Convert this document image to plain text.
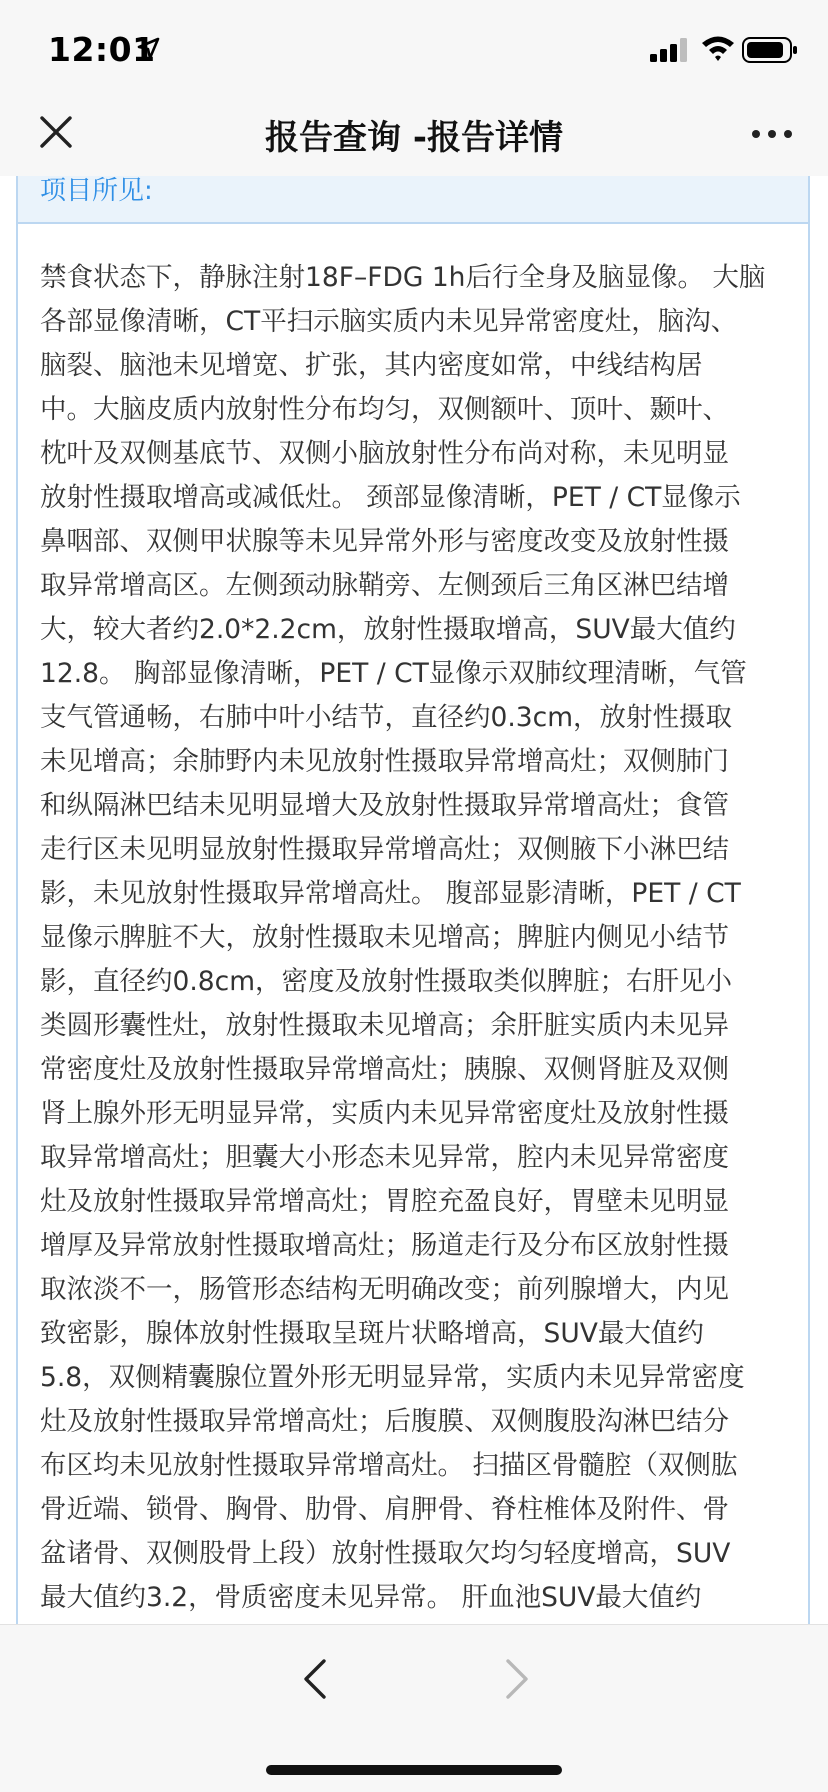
12:01
报告查询 -报告详情
项目所见:
禁食状态下，静脉注射18F–FDG 1h后行全身及脑显像。 大脑
各部显像清晰，CT平扫示脑实质内未见异常密度灶，脑沟、
脑裂、脑池未见增宽、扩张，其内密度如常，中线结构居
中。大脑皮质内放射性分布均匀，双侧额叶、顶叶、颞叶、
枕叶及双侧基底节、双侧小脑放射性分布尚对称，未见明显
放射性摄取增高或减低灶。 颈部显像清晰，PET / CT显像示
鼻咽部、双侧甲状腺等未见异常外形与密度改变及放射性摄
取异常增高区。左侧颈动脉鞘旁、左侧颈后三角区淋巴结增
大，较大者约2.0*2.2cm，放射性摄取增高，SUV最大值约
12.8。 胸部显像清晰，PET / CT显像示双肺纹理清晰，气管
支气管通畅，右肺中叶小结节，直径约0.3cm，放射性摄取
未见增高；余肺野内未见放射性摄取异常增高灶；双侧肺门
和纵隔淋巴结未见明显增大及放射性摄取异常增高灶；食管
走行区未见明显放射性摄取异常增高灶；双侧腋下小淋巴结
影，未见放射性摄取异常增高灶。 腹部显影清晰，PET / CT
显像示脾脏不大，放射性摄取未见增高；脾脏内侧见小结节
影，直径约0.8cm，密度及放射性摄取类似脾脏；右肝见小
类圆形囊性灶，放射性摄取未见增高；余肝脏实质内未见异
常密度灶及放射性摄取异常增高灶；胰腺、双侧肾脏及双侧
肾上腺外形无明显异常，实质内未见异常密度灶及放射性摄
取异常增高灶；胆囊大小形态未见异常，腔内未见异常密度
灶及放射性摄取异常增高灶；胃腔充盈良好，胃壁未见明显
增厚及异常放射性摄取增高灶；肠道走行及分布区放射性摄
取浓淡不一，肠管形态结构无明确改变；前列腺增大，内见
致密影，腺体放射性摄取呈斑片状略增高，SUV最大值约
5.8，双侧精囊腺位置外形无明显异常，实质内未见异常密度
灶及放射性摄取异常增高灶；后腹膜、双侧腹股沟淋巴结分
布区均未见放射性摄取异常增高灶。 扫描区骨髓腔（双侧肱
骨近端、锁骨、胸骨、肋骨、肩胛骨、脊柱椎体及附件、骨
盆诸骨、双侧股骨上段）放射性摄取欠均匀轻度增高，SUV
最大值约3.2，骨质密度未见异常。 肝血池SUV最大值约
